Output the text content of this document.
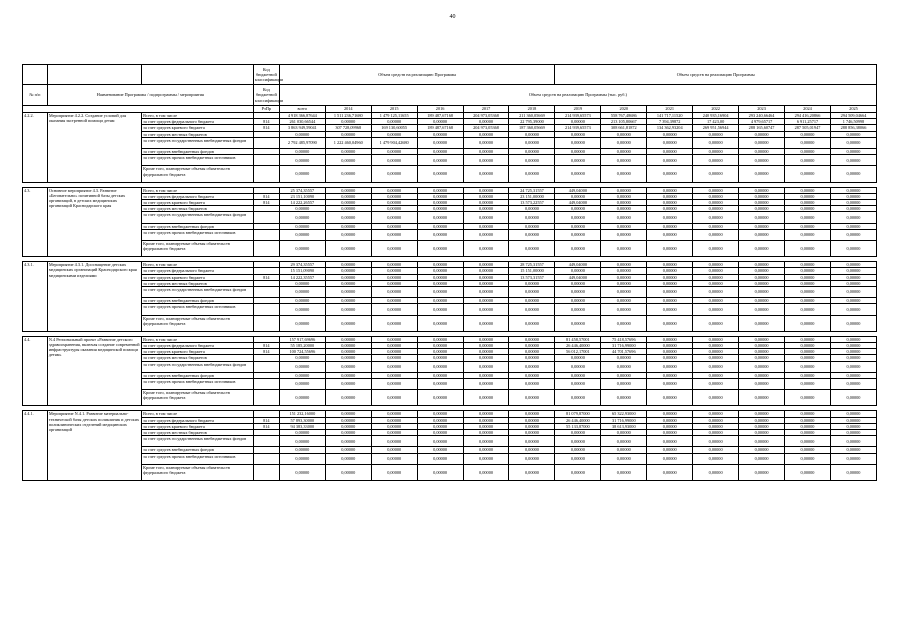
40
			Код бюджетной классификации	Объем средств на реализацию Программы						Объем средств на реализацию Программы						
№ п/п	Наименование Программы / подпрограммы / мероприятия		Код бюджетной классификации	Объем средств на реализацию Программы (тыс. руб.)												
			РзПр	всего	2014	2015	2016	2017	2018	2019	2020	2021	2022	2023	2024	2025
4.2.2.	Мероприятие 4.2.2. Создание условий для оказания экстренной помощи детям	Всего, в том числе		4 918 366,87644	1 511 236,71680	1 479 125,11655	189 487,67168	204 973,05368	211 360,05669	214 939,65573	558 767,48686	141 717,11520	240 935,16904	293 240,66464	294 416,20866	294 509,04664
		за счет средств федерального бюджета	814	261 030,66544	0,00000	0,00000	0,00000	0,00000	22 795,39000	0,00000	213 105,80667	7 394,39872	17 423,00	4 979,65717	6 911,25717	1 746,50998
		за счет средств краевого бюджета	814	3 863 949,59041	307 728,09968	169 130,60055	189 487,67168	204 973,05368	187 360,05669	214 939,65573	308 661,81872	134 362,93204	269 951,56944	288 165,60747	287 505,01947	288 856,38066
		за счет средств местных бюджетов		0,00000	0,00000	0,00000	0,00000	0,00000	0,00000	0,00000	0,00000	0,00000	0,00000	0,00000	0,00000	0,00000
		за счет средств государственных внебюджетных фондов		2 792 485,97090	1 222 460,04960	1 479 904,42680	0,00000	0,00000	0,00000	0,00000	0,00000	0,00000	0,00000	0,00000	0,00000	0,00000
		за счет средств внебюджетных фондов		0,00000	0,00000	0,00000	0,00000	0,00000	0,00000	0,00000	0,00000	0,00000	0,00000	0,00000	0,00000	0,00000
		за счет средств прочих внебюджетных источников		0,00000	0,00000	0,00000	0,00000	0,00000	0,00000	0,00000	0,00000	0,00000	0,00000	0,00000	0,00000	0,00000
		Кроме того, планируемые объемы обязательств федерального бюджета		0,00000	0,00000	0,00000	0,00000	0,00000	0,00000	0,00000	0,00000	0,00000	0,00000	0,00000	0,00000	0,00000

4.3.	Основное мероприятие 4.3. Развитие «Беговательно» позитивной базы детских организаций, в детских медицинских организаций Краснодарского края	Всего, в том числе		25 374,35557	0,00000	0,00000	0,00000	0,00000	24 725,31557	449,04000	0,00000	0,00000	0,00000	0,00000	0,00000	0,00000
		за счет средств федерального бюджета	814	23 151,10090	0,00000	0,00000	0,00000	0,00000	23 151,00000	0,00000	0,00000	0,00000	0,00000	0,00000	0,00000	0,00000
		за счет средств краевого бюджета	814	14 222,26557	0,00000	0,00000	0,00000	0,00000	13 573,22557	449,04000	0,00000	0,00000	0,00000	0,00000	0,00000	0,00000
		за счет средств местных бюджетов		0,00000	0,00000	0,00000	0,00000	0,00000	0,00000	0,00000	0,00000	0,00000	0,00000	0,00000	0,00000	0,00000
		за счет средств государственных внебюджетных фондов		0,00000	0,00000	0,00000	0,00000	0,00000	0,00000	0,00000	0,00000	0,00000	0,00000	0,00000	0,00000	0,00000
		за счет средств внебюджетных фондов		0,00000	0,00000	0,00000	0,00000	0,00000	0,00000	0,00000	0,00000	0,00000	0,00000	0,00000	0,00000	0,00000
		за счет средств прочих внебюджетных источников		0,00000	0,00000	0,00000	0,00000	0,00000	0,00000	0,00000	0,00000	0,00000	0,00000	0,00000	0,00000	0,00000
		Кроме того, планируемые объемы обязательств федерального бюджета		0,00000	0,00000	0,00000	0,00000	0,00000	0,00000	0,00000	0,00000	0,00000	0,00000	0,00000	0,00000	0,00000

4.3.1.	Мероприятие 4.3.1. Дооснащение детских медицинских организаций Краснодарского края медицинскими изделиями	Всего, в том числе		29 374,35557	0,00000	0,00000	0,00000	0,00000	28 725,31557	449,04000	0,00000	0,00000	0,00000	0,00000	0,00000	0,00000
		за счет средств федерального бюджета		15 151,09090	0,00000	0,00000	0,00000	0,00000	15 151,00000	0,00000	0,00000	0,00000	0,00000	0,00000	0,00000	0,00000
		за счет средств краевого бюджета	814	14 222,35557	0,00000	0,00000	0,00000	0,00000	13 573,31557	449,04000	0,00000	0,00000	0,00000	0,00000	0,00000	0,00000
		за счет средств местных бюджетов		0,00000	0,00000	0,00000	0,00000	0,00000	0,00000	0,00000	0,00000	0,00000	0,00000	0,00000	0,00000	0,00000
		за счет средств государственных внебюджетных фондов		0,00000	0,00000	0,00000	0,00000	0,00000	0,00000	0,00000	0,00000	0,00000	0,00000	0,00000	0,00000	0,00000
		за счет средств внебюджетных фондов		0,00000	0,00000	0,00000	0,00000	0,00000	0,00000	0,00000	0,00000	0,00000	0,00000	0,00000	0,00000	0,00000
		за счет средств прочих внебюджетных источников		0,00000	0,00000	0,00000	0,00000	0,00000	0,00000	0,00000	0,00000	0,00000	0,00000	0,00000	0,00000	0,00000
		Кроме того, планируемые объемы обязательств федерального бюджета		0,00000	0,00000	0,00000	0,00000	0,00000	0,00000	0,00000	0,00000	0,00000	0,00000	0,00000	0,00000	0,00000

4.4.	N.4 Региональный проект «Развитие детского здравоохранения, включая создание современной инфраструктуры оказания медицинской помощи детям»	Всего, в том числе		157 917,69696	0,00000	0,00000	0,00000	0,00000	0,00000	81 458,57001	75 418,57696	0,00000	0,00000	0,00000	0,00000	0,00000
		за счет средств федерального бюджета	814	55 185,20000	0,00000	0,00000	0,00000	0,00000	0,00000	26 446,40000	31 716,99000	0,00000	0,00000	0,00000	0,00000	0,00000
		за счет средств краевого бюджета	814	100 724,55696	0,00000	0,00000	0,00000	0,00000	0,00000	56 012,17001	44 701,57696	0,00000	0,00000	0,00000	0,00000	0,00000
		за счет средств местных бюджетов		0,00000	0,00000	0,00000	0,00000	0,00000	0,00000	0,00000	0,00000	0,00000	0,00000	0,00000	0,00000	0,00000
		за счет средств государственных внебюджетных фондов		0,00000	0,00000	0,00000	0,00000	0,00000	0,00000	0,00000	0,00000	0,00000	0,00000	0,00000	0,00000	0,00000
		за счет средств внебюджетных фондов		0,00000	0,00000	0,00000	0,00000	0,00000	0,00000	0,00000	0,00000	0,00000	0,00000	0,00000	0,00000	0,00000
		за счет средств прочих внебюджетных источников		0,00000	0,00000	0,00000	0,00000	0,00000	0,00000	0,00000	0,00000	0,00000	0,00000	0,00000	0,00000	0,00000
		Кроме того, планируемые объемы обязательств федерального бюджета		0,00000	0,00000	0,00000	0,00000	0,00000	0,00000	0,00000	0,00000	0,00000	0,00000	0,00000	0,00000	0,00000

4.4.1.	Мероприятие N.4.1. Развитие материально-технической базы детских поликлиник и детских поликлинических отделений медицинских организаций	Всего, в том числе		151 232,16000	0,00000	0,00000	0,00000	0,00000	0,00000	81 079,87000	65 322,93000	0,00000	0,00000	0,00000	0,00000	0,00000
		за счет средств федерального бюджета	814	57 893,30000	0,00000	0,00000	0,00000	0,00000	0,00000	26 446,40000	31 716,99000	0,00000	0,00000	0,00000	0,00000	0,00000
		за счет средств краевого бюджета	814	94 383,33000	0,00000	0,00000	0,00000	0,00000	0,00000	55 133,87000	38 613,93000	0,00000	0,00000	0,00000	0,00000	0,00000
		за счет средств местных бюджетов		0,00000	0,00000	0,00000	0,00000	0,00000	0,00000	0,00000	0,00000	0,00000	0,00000	0,00000	0,00000	0,00000
		за счет средств государственных внебюджетных фондов		0,00000	0,00000	0,00000	0,00000	0,00000	0,00000	0,00000	0,00000	0,00000	0,00000	0,00000	0,00000	0,00000
		за счет средств внебюджетных фондов		0,00000	0,00000	0,00000	0,00000	0,00000	0,00000	0,00000	0,00000	0,00000	0,00000	0,00000	0,00000	0,00000
		за счет средств прочих внебюджетных источников		0,00000	0,00000	0,00000	0,00000	0,00000	0,00000	0,00000	0,00000	0,00000	0,00000	0,00000	0,00000	0,00000
		Кроме того, планируемые объемы обязательств федерального бюджета		0,00000	0,00000	0,00000	0,00000	0,00000	0,00000	0,00000	0,00000	0,00000	0,00000	0,00000	0,00000	0,00000
